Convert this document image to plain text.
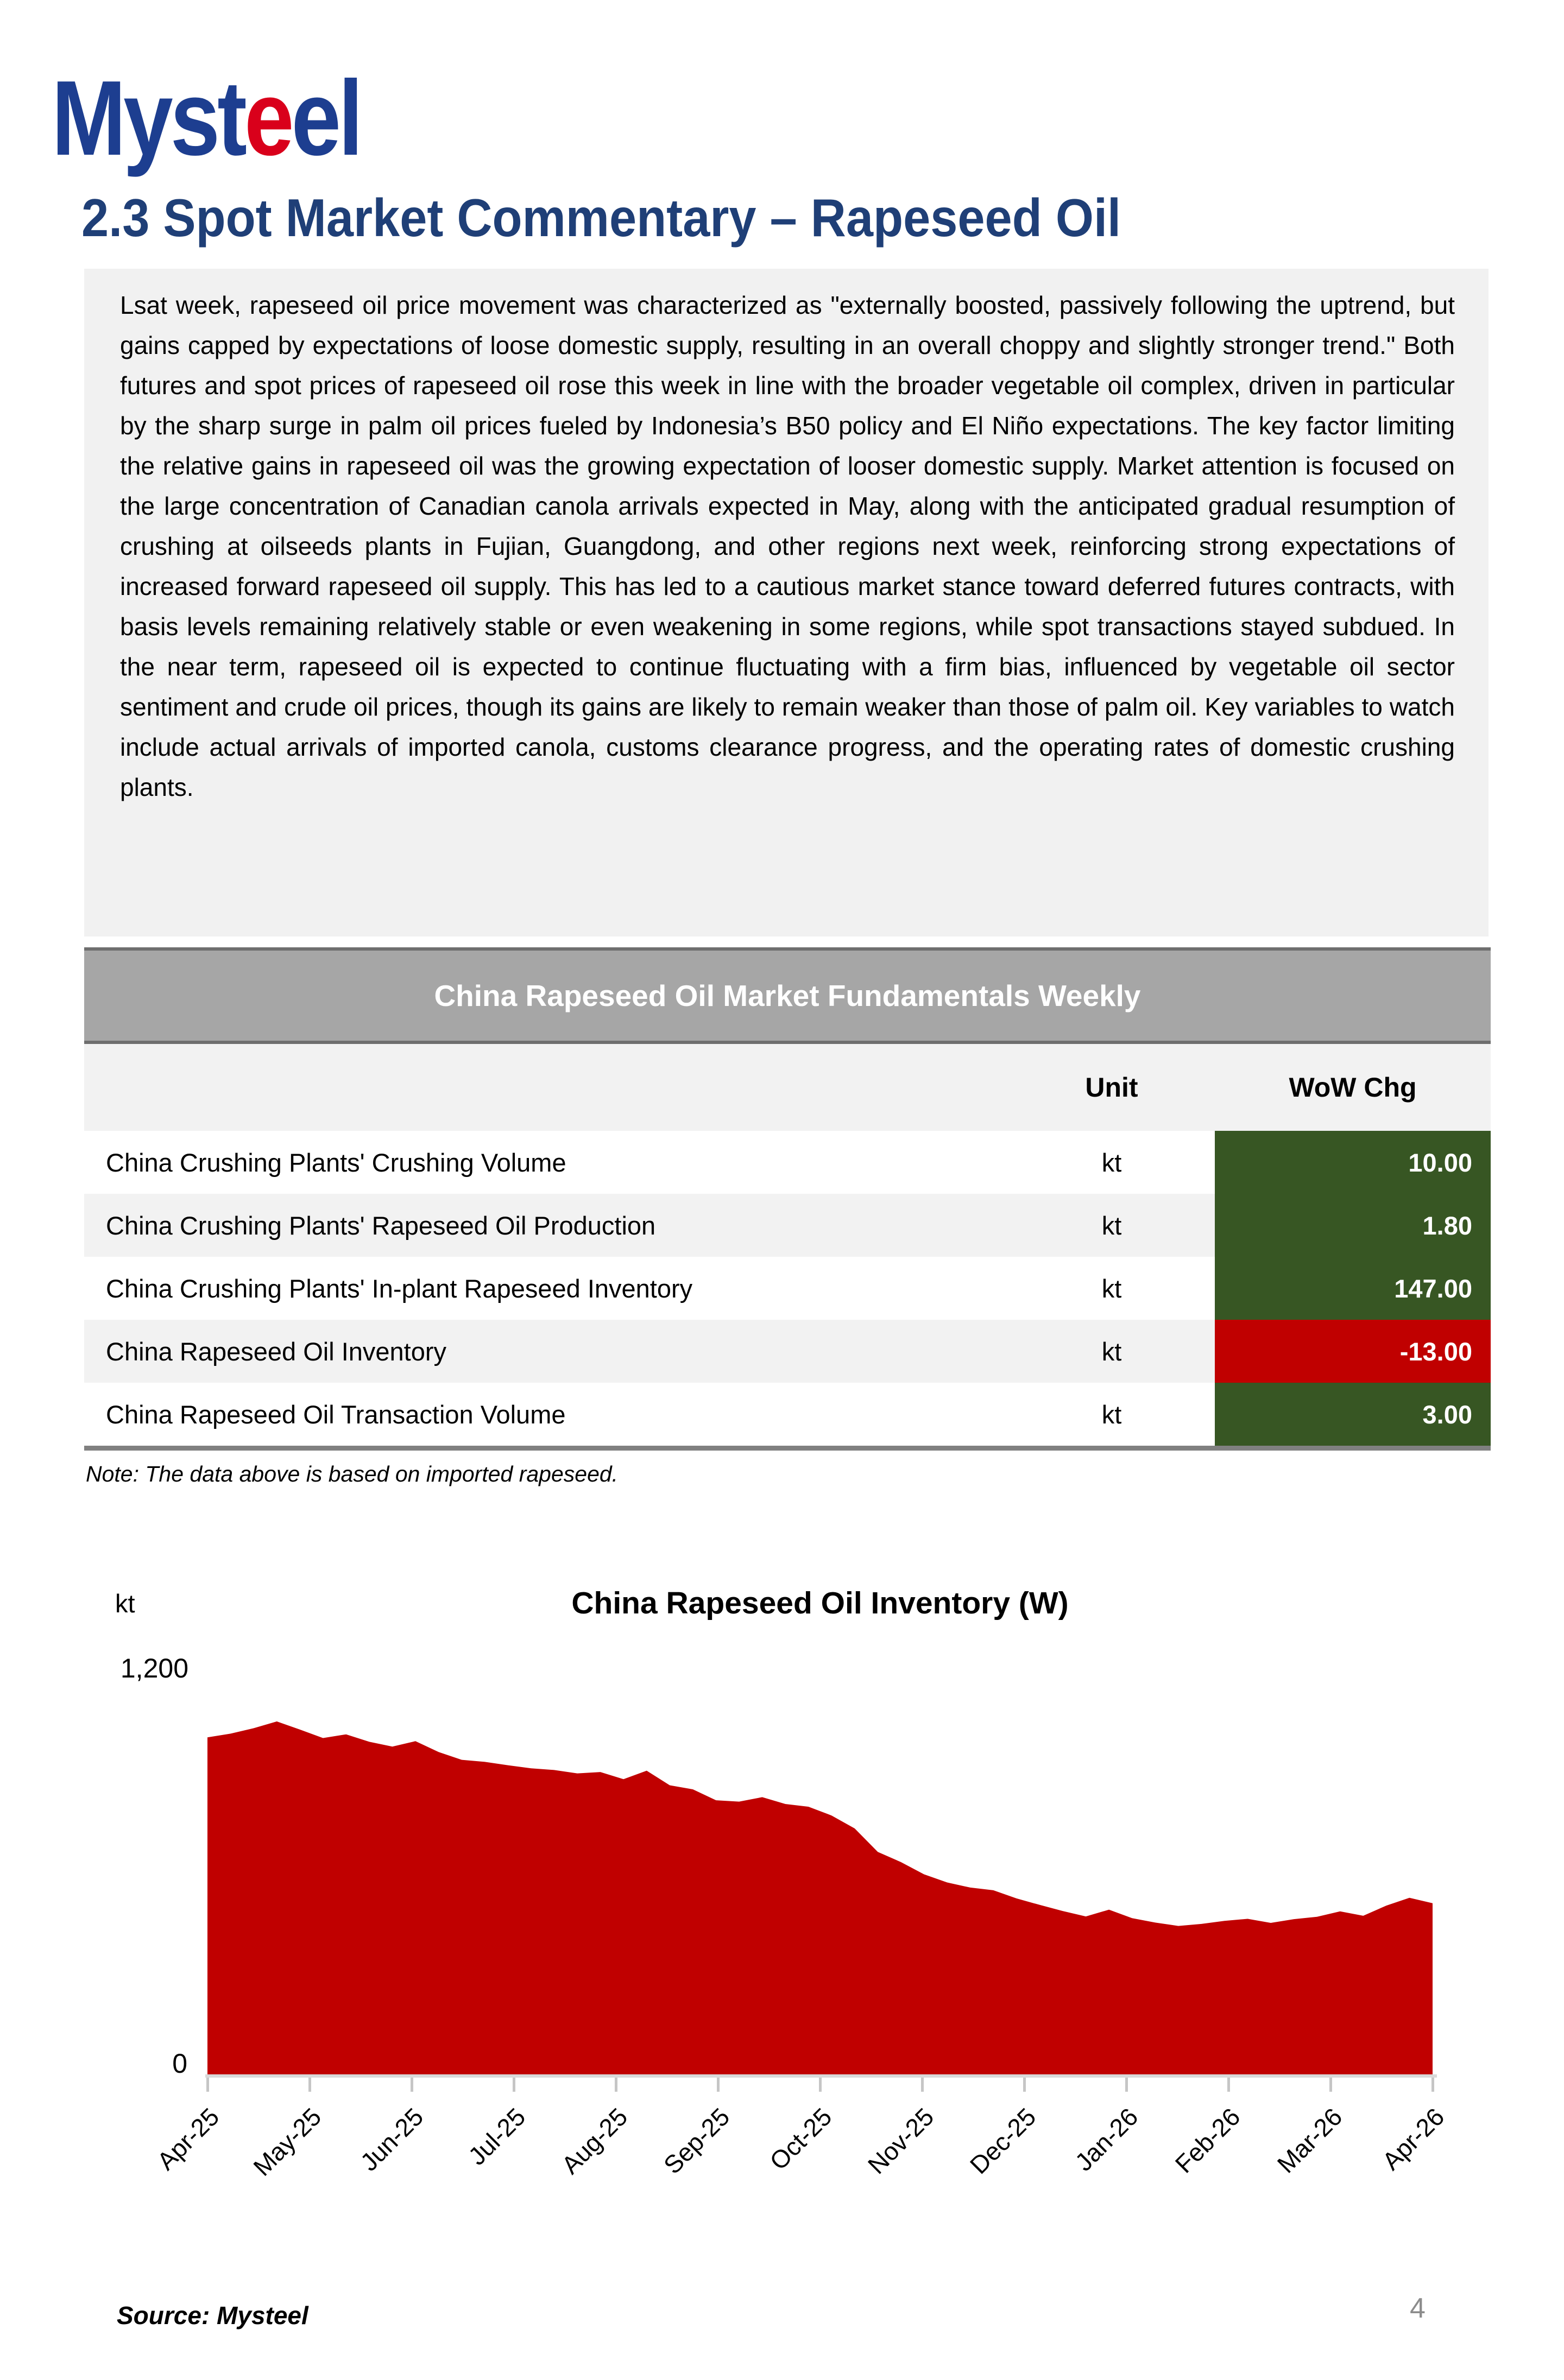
Mysteel
2.3 Spot Market Commentary – Rapeseed Oil
Lsat week, rapeseed oil price movement was characterized as "externally boosted, passively following the uptrend, but gains capped by expectations of loose domestic supply, resulting in an overall choppy and slightly stronger trend." Both futures and spot prices of rapeseed oil rose this week in line with the broader vegetable oil complex, driven in particular by the sharp surge in palm oil prices fueled by Indonesia’s B50 policy and El Niño expectations. The key factor limiting the relative gains in rapeseed oil was the growing expectation of looser domestic supply. Market attention is focused on the large concentration of Canadian canola arrivals expected in May, along with the anticipated gradual resumption of crushing at oilseeds plants in Fujian, Guangdong, and other regions next week, reinforcing strong expectations of increased forward rapeseed oil supply. This has led to a cautious market stance toward deferred futures contracts, with basis levels remaining relatively stable or even weakening in some regions, while spot transactions stayed subdued. In the near term, rapeseed oil is expected to continue fluctuating with a firm bias, influenced by vegetable oil sector sentiment and crude oil prices, though its gains are likely to remain weaker than those of palm oil. Key variables to watch include actual arrivals of imported canola, customs clearance progress, and the operating rates of domestic crushing plants.
China Rapeseed Oil Market Fundamentals Weekly
Unit	WoW Chg
China Crushing Plants' Crushing Volume	kt	10.00
China Crushing Plants' Rapeseed Oil Production	kt	1.80
China Crushing Plants' In-plant Rapeseed Inventory	kt	147.00
China Rapeseed Oil Inventory	kt	-13.00
China Rapeseed Oil Transaction Volume	kt	3.00
Note: The data above is based on imported rapeseed.
kt	China Rapeseed Oil Inventory (W)
1,200
0
Apr-25 May-25 Jun-25 Jul-25 Aug-25 Sep-25 Oct-25 Nov-25 Dec-25 Jan-26 Feb-26 Mar-26 Apr-26
Source: Mysteel	4
